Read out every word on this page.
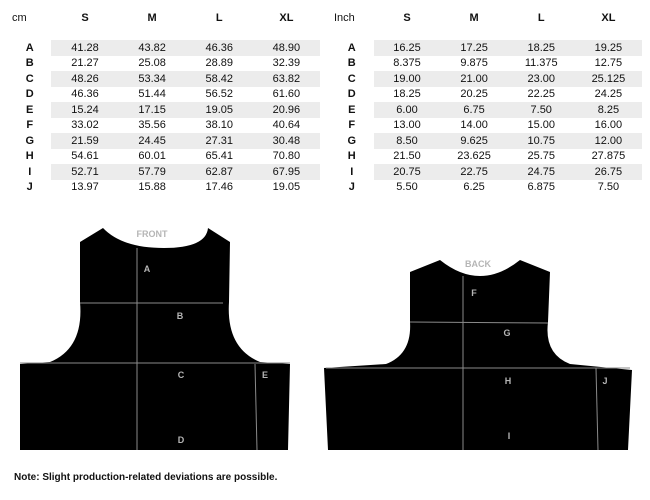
cm	S	M	L	XL

A	41.28	43.82	46.36	48.90
B	21.27	25.08	28.89	32.39
C	48.26	53.34	58.42	63.82
D	46.36	51.44	56.52	61.60
E	15.24	17.15	19.05	20.96
F	33.02	35.56	38.10	40.64
G	21.59	24.45	27.31	30.48
H	54.61	60.01	65.41	70.80
I	52.71	57.79	62.87	67.95
J	13.97	15.88	17.46	19.05
Inch	S	M	L	XL

A	16.25	17.25	18.25	19.25
B	8.375	9.875	11.375	12.75
C	19.00	21.00	23.00	25.125
D	18.25	20.25	22.25	24.25
E	6.00	6.75	7.50	8.25
F	13.00	14.00	15.00	16.00
G	8.50	9.625	10.75	12.00
H	21.50	23.625	25.75	27.875
I	20.75	22.75	24.75	26.75
J	5.50	6.25	6.875	7.50
FRONT
BACK
A
B
C
D
E
F
G
H
I
J
Note: Slight production-related deviations are possible.
